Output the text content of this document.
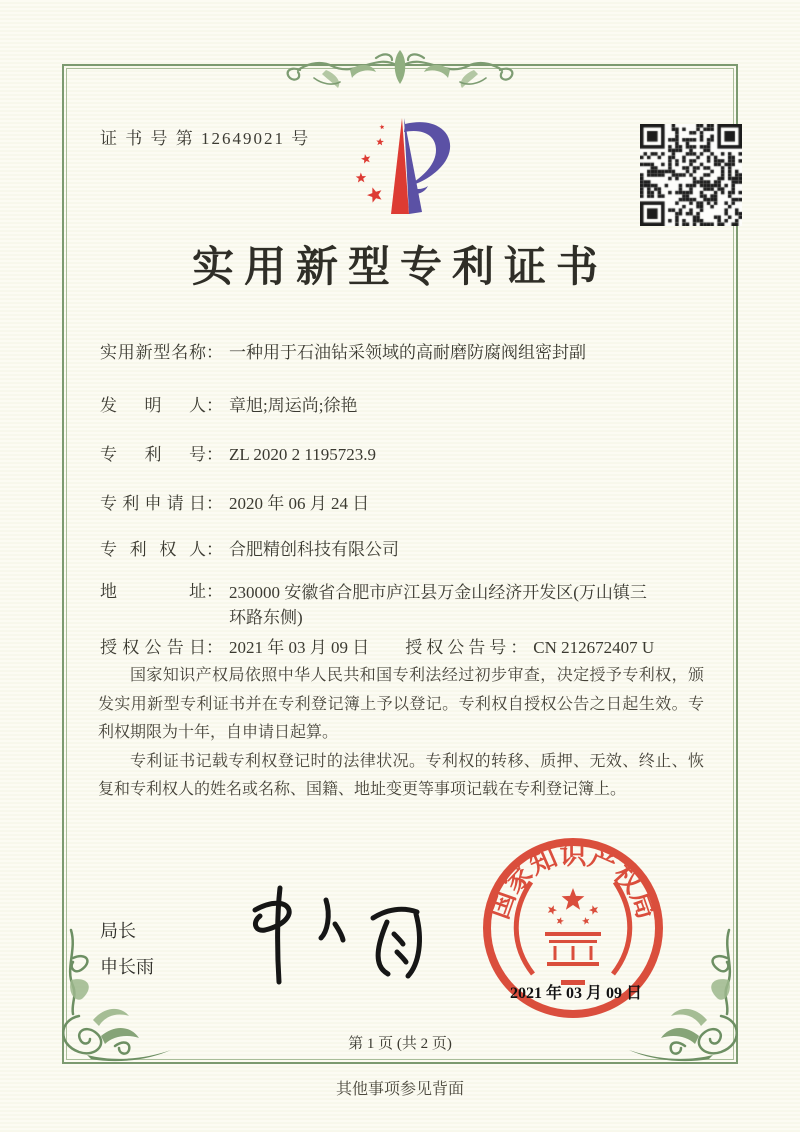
证 书 号 第 12649021 号
实用新型专利证书
实用新型名称 ： 一种用于石油钻采领域的高耐磨防腐阀组密封副
发明人 ： 章旭;周运尚;徐艳
专利号 ： ZL 2020 2 1195723.9
专利申请日 ： 2020 年 06 月 24 日
专利权人 ： 合肥精创科技有限公司
地址 ： 230000 安徽省合肥市庐江县万金山经济开发区(万山镇三环路东侧)
授权公告日 ： 2021 年 03 月 09 日 授权公告号 ： CN 212672407 U

国家知识产权局依照中华人民共和国专利法经过初步审查，决定授予专利权，颁发实用新型专利证书并在专利登记簿上予以登记。专利权自授权公告之日起生效。专利权期限为十年，自申请日起算。

专利证书记载专利权登记时的法律状况。专利权的转移、质押、无效、终止、恢复和专利权人的姓名或名称、国籍、地址变更等事项记载在专利登记簿上。

局长
申长雨
国家知识产权局
2021 年 03 月 09 日
第 1 页 (共 2 页)
其他事项参见背面
